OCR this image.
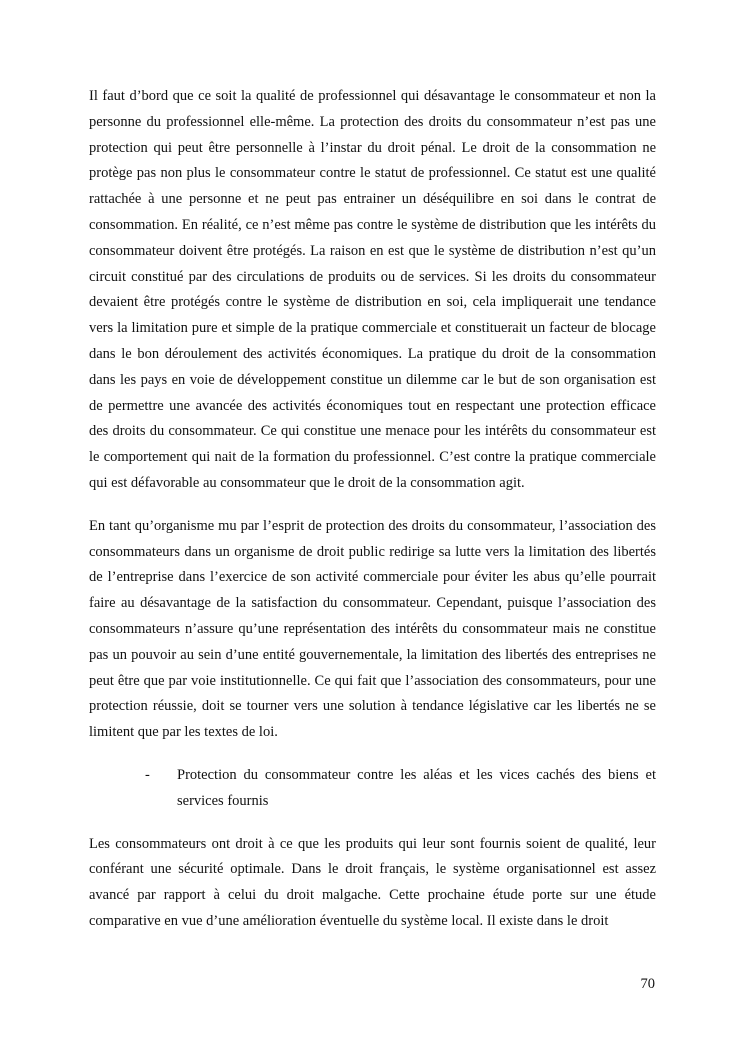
Il faut d’bord que ce soit la qualité de professionnel qui désavantage le consommateur et non la personne du professionnel elle-même. La protection des droits du consommateur n’est pas une protection qui peut être personnelle à l’instar du droit pénal. Le droit de la consommation ne protège pas non plus le consommateur contre le statut de professionnel. Ce statut est une qualité rattachée à une personne et ne peut pas entrainer un déséquilibre en soi dans le contrat de consommation. En réalité, ce n’est même pas contre le système de distribution que les intérêts du consommateur doivent être protégés. La raison en est que le système de distribution n’est qu’un circuit constitué par des circulations de produits ou de services. Si les droits du consommateur devaient être protégés contre le système de distribution en soi, cela impliquerait une tendance vers la limitation pure et simple de la pratique commerciale et constituerait un facteur de blocage dans le bon déroulement des activités économiques. La pratique du droit de la consommation dans les pays en voie de développement constitue un dilemme car le but de son organisation est de permettre une avancée des activités économiques tout en respectant une protection efficace des droits du consommateur. Ce qui constitue une menace pour les intérêts du consommateur est le comportement qui nait de la formation du professionnel. C’est contre la pratique commerciale qui est défavorable au consommateur que le droit de la consommation agit.

En tant qu’organisme mu par l’esprit de protection des droits du consommateur, l’association des consommateurs dans un organisme de droit public redirige sa lutte vers la limitation des libertés de l’entreprise dans l’exercice de son activité commerciale pour éviter les abus qu’elle pourrait faire au désavantage de la satisfaction du consommateur. Cependant, puisque l’association des consommateurs n’assure qu’une représentation des intérêts du consommateur mais ne constitue pas un pouvoir au sein d’une entité gouvernementale, la limitation des libertés des entreprises ne peut être que par voie institutionnelle. Ce qui fait que l’association des consommateurs, pour une protection réussie, doit se tourner vers une solution à tendance législative car les libertés ne se limitent que par les textes de loi.

-	Protection du consommateur contre les aléas et les vices cachés des biens et services fournis

Les consommateurs ont droit à ce que les produits qui leur sont fournis soient de qualité, leur conférant une sécurité optimale. Dans le droit français, le système organisationnel est assez avancé par rapport à celui du droit malgache. Cette prochaine étude porte sur une étude comparative en vue d’une amélioration éventuelle du système local. Il existe dans le droit

70
